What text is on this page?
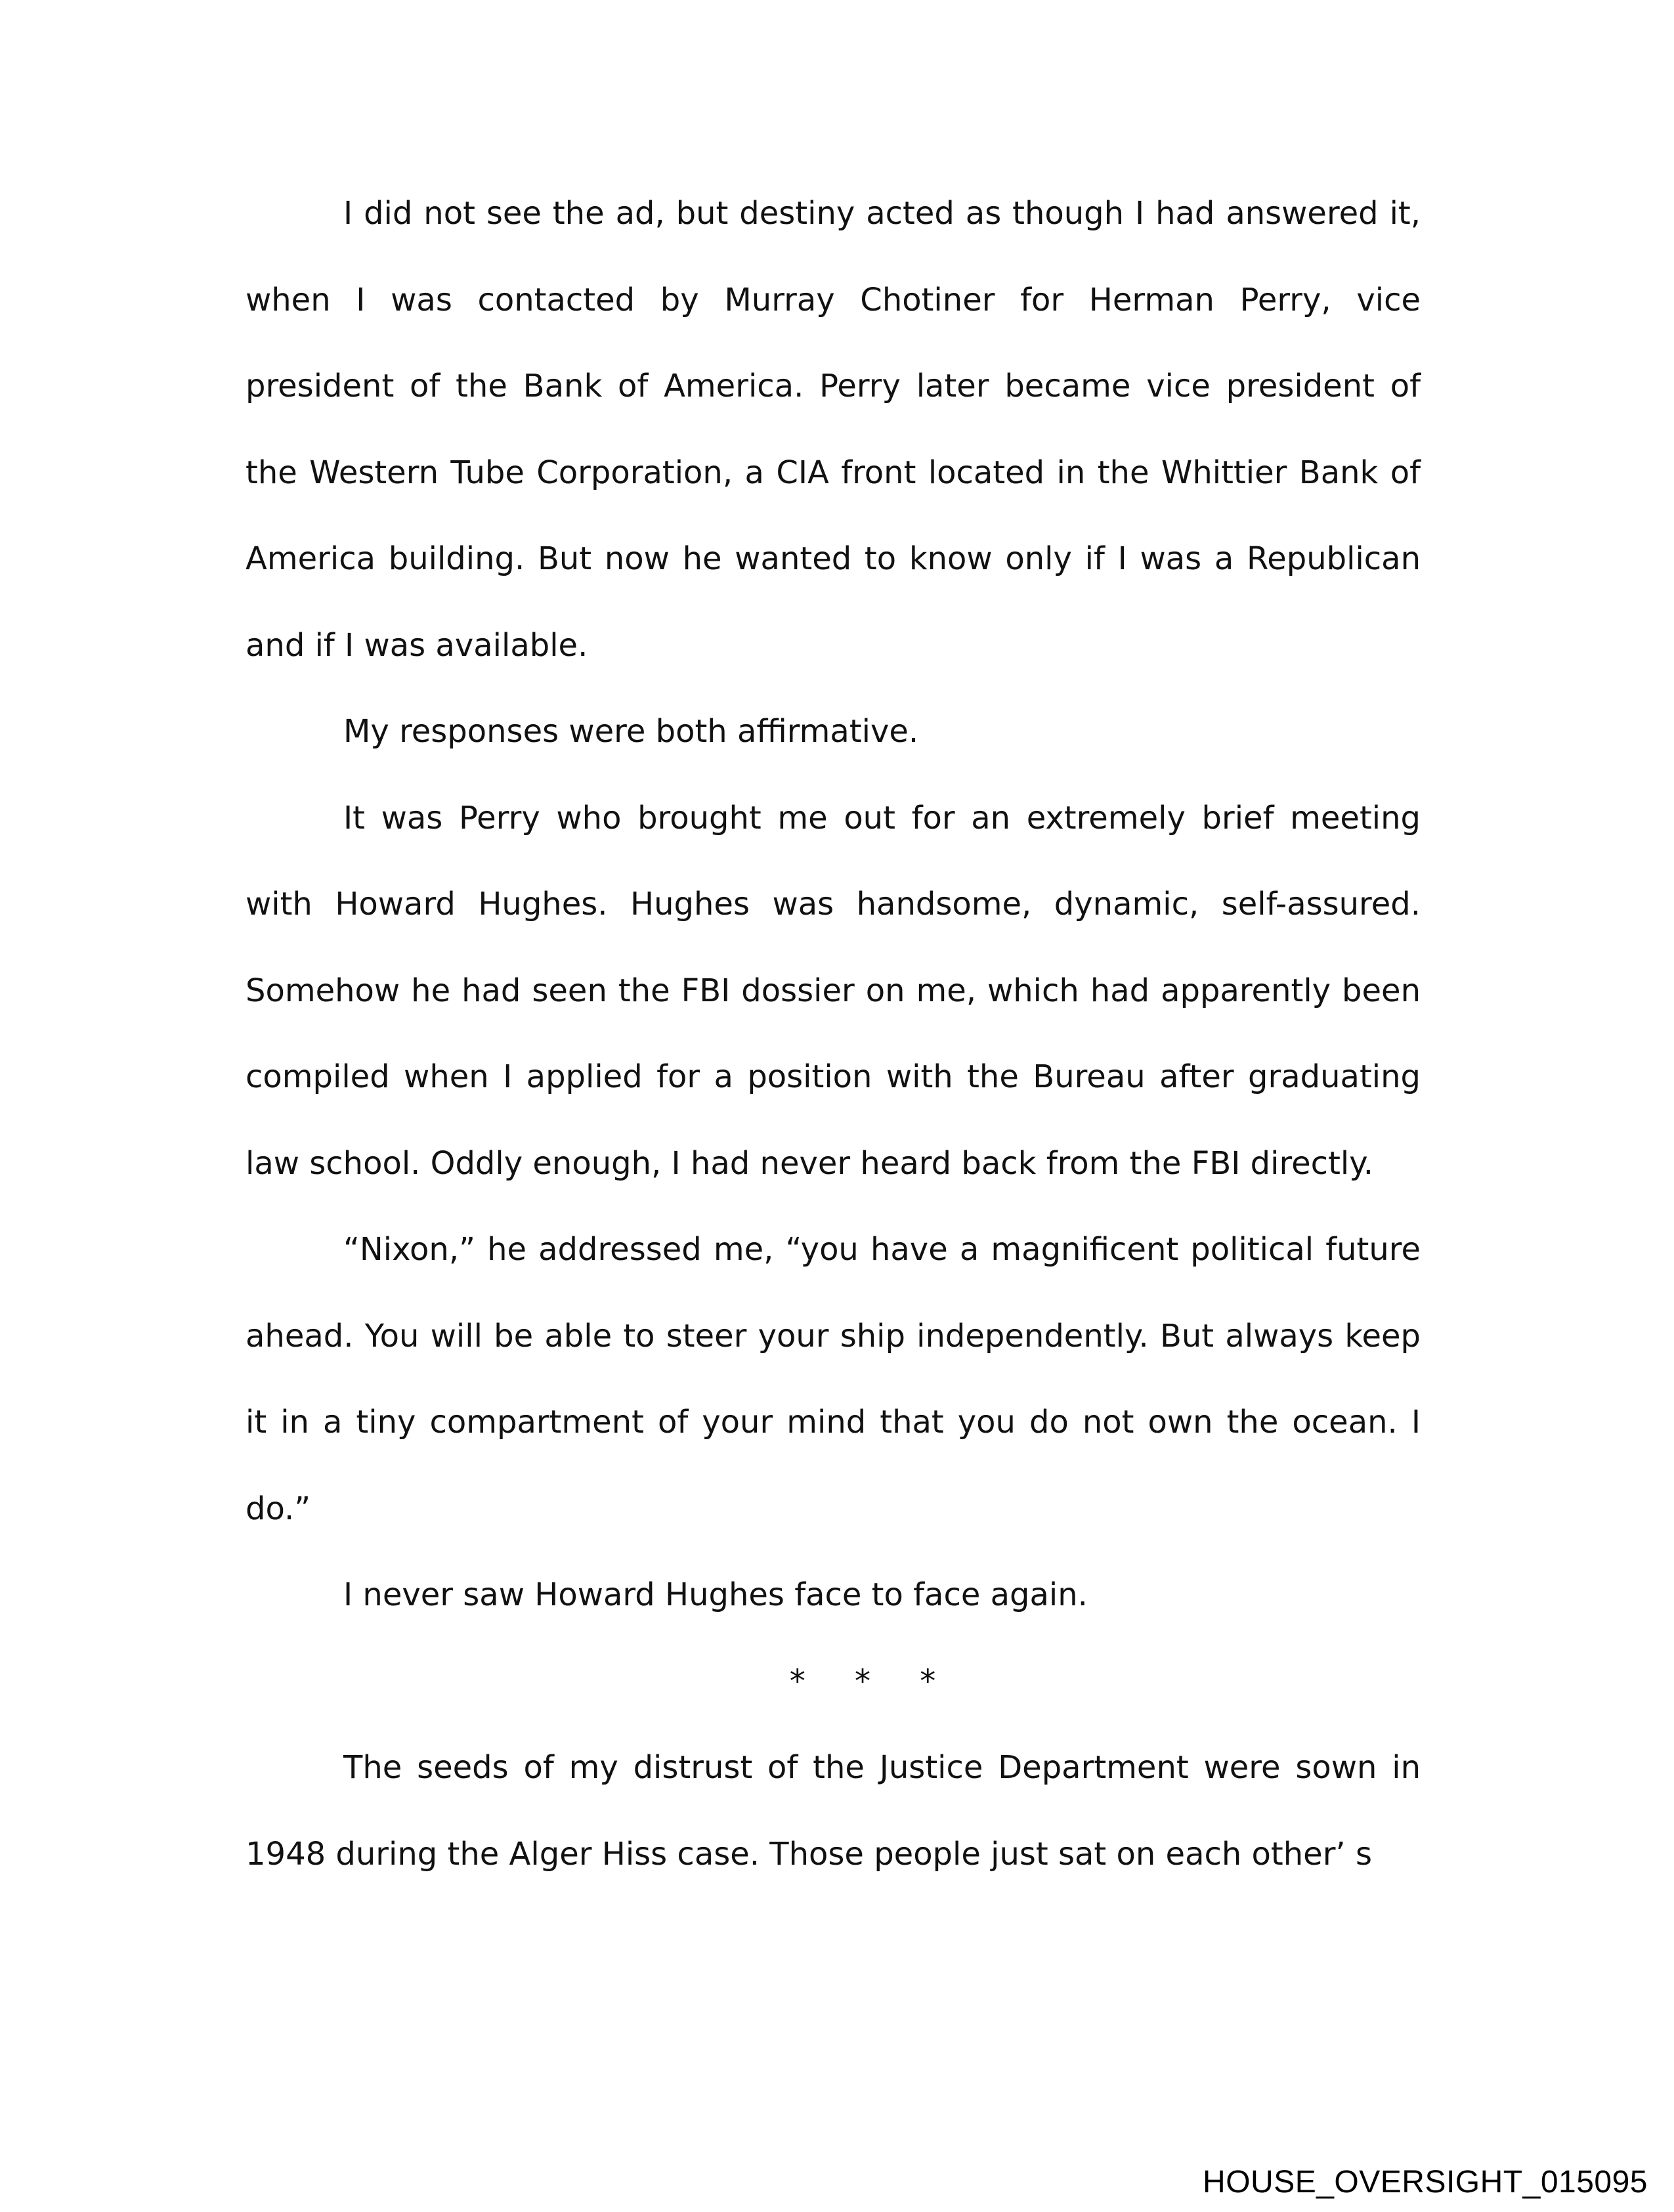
I did not see the ad, but destiny acted as though I had answered it, when I was contacted by Murray Chotiner for Herman Perry, vice president of the Bank of America. Perry later became vice president of the Western Tube Corporation, a CIA front located in the Whittier Bank of America building. But now he wanted to know only if I was a Republican and if I was available.

My responses were both affirmative.

It was Perry who brought me out for an extremely brief meeting with Howard Hughes. Hughes was handsome, dynamic, self-assured. Somehow he had seen the FBI dossier on me, which had apparently been compiled when I applied for a position with the Bureau after graduating law school. Oddly enough, I had never heard back from the FBI directly.

“Nixon,” he addressed me, “you have a magnificent political future ahead. You will be able to steer your ship independently. But always keep it in a tiny compartment of your mind that you do not own the ocean. I do.”

I never saw Howard Hughes face to face again.

* * *

The seeds of my distrust of the Justice Department were sown in 1948 during the Alger Hiss case. Those people just sat on each other’ s

HOUSE_OVERSIGHT_015095
